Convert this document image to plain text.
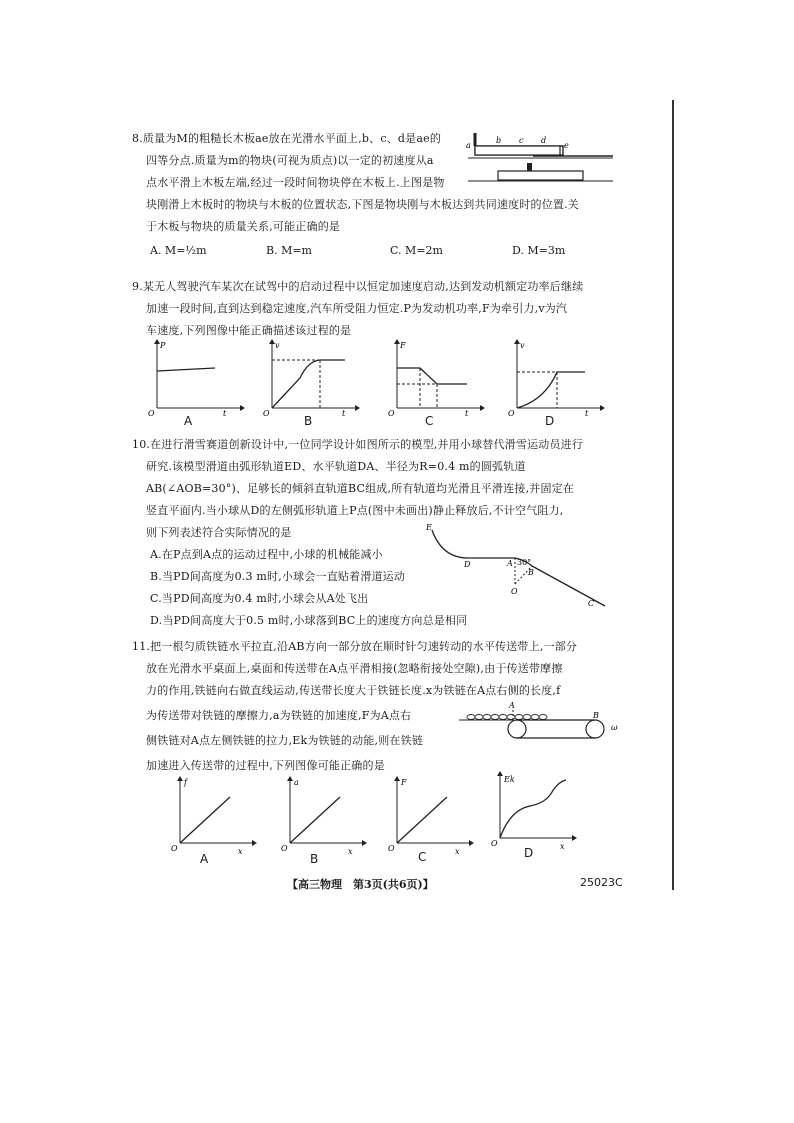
8.质量为M的粗糙长木板ae放在光滑水平面上,b、c、d是ae的
四等分点.质量为m的物块(可视为质点)以一定的初速度从a
点水平滑上木板左端,经过一段时间物块停在木板上.上图是物
块刚滑上木板时的物块与木板的位置状态,下图是物块刚与木板达到共同速度时的位置.关
于木板与物块的质量关系,可能正确的是
a
b c d
e
A. M=½m	B. M=m	C. M=2m	D. M=3m
9.某无人驾驶汽车某次在试驾中的启动过程中以恒定加速度启动,达到发动机额定功率后继续
加速一段时间,直到达到稳定速度,汽车所受阻力恒定.P为发动机功率,F为牵引力,v为汽
车速度,下列图像中能正确描述该过程的是
P
t
O
A
v
t
O
B
F
t
O
C
v
t
O
D
10.在进行滑雪赛道创新设计中,一位同学设计如图所示的模型,并用小球替代滑雪运动员进行
研究.该模型滑道由弧形轨道ED、水平轨道DA、半径为R=0.4 m的圆弧轨道
AB(∠AOB=30°)、足够长的倾斜直轨道BC组成,所有轨道均光滑且平滑连接,并固定在
竖直平面内.当小球从D的左侧弧形轨道上P点(图中未画出)静止释放后,不计空气阻力,
则下列表述符合实际情况的是
A.在P点到A点的运动过程中,小球的机械能减小
B.当PD间高度为0.3 m时,小球会一直贴着滑道运动
C.当PD间高度为0.4 m时,小球会从A处飞出
D.当PD间高度大于0.5 m时,小球落到BC上的速度方向总是相同
E
D	A 30°
B
O
C
11.把一根匀质铁链水平拉直,沿AB方向一部分放在顺时针匀速转动的水平传送带上,一部分
放在光滑水平桌面上,桌面和传送带在A点平滑相接(忽略衔接处空隙),由于传送带摩擦
力的作用,铁链向右做直线运动,传送带长度大于铁链长度.x为铁链在A点右侧的长度,f
为传送带对铁链的摩擦力,a为铁链的加速度,F为A点右
侧铁链对A点左侧铁链的拉力,Ek为铁链的动能,则在铁链
加速进入传送带的过程中,下列图像可能正确的是
A
B
ω
f
x
O
A
a
x
O
B
F
x
O
C
Ek
x
O
D
【高三物理　第3页(共6页)】	25023C
